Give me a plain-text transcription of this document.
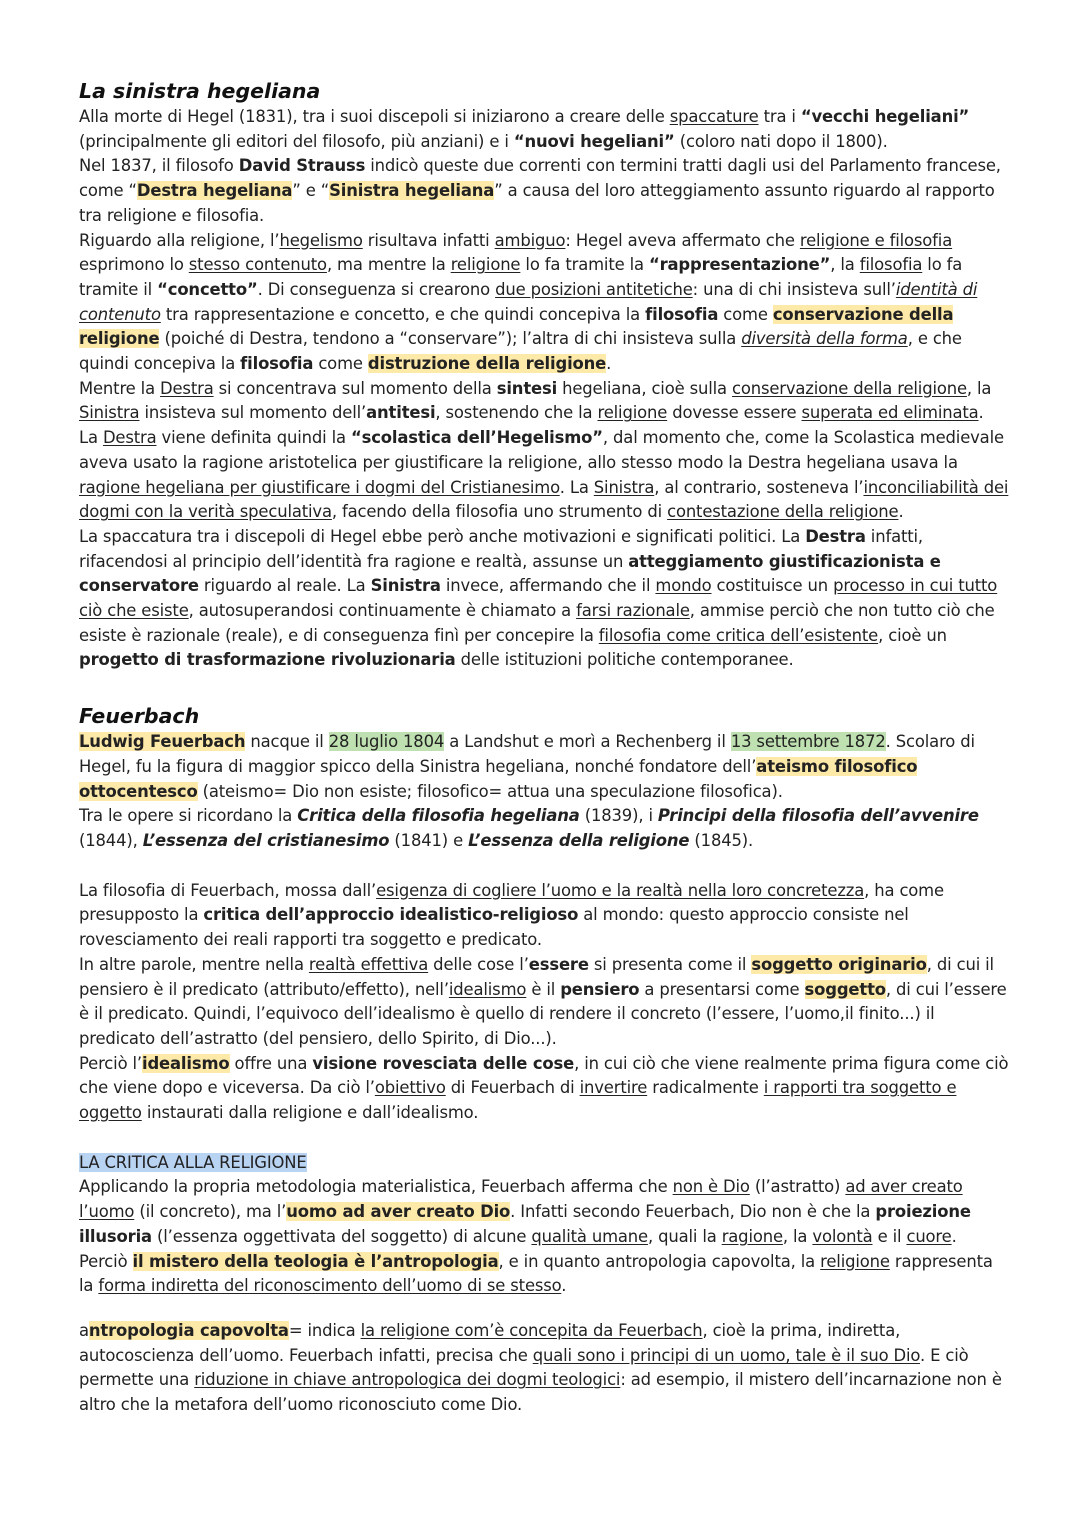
La sinistra hegeliana

Alla morte di Hegel (1831), tra i suoi discepoli si iniziarono a creare delle spaccature tra i “vecchi hegeliani” (principalmente gli editori del filosofo, più anziani) e i “nuovi hegeliani” (coloro nati dopo il 1800).

Nel 1837, il filosofo David Strauss indicò queste due correnti con termini tratti dagli usi del Parlamento francese, come “Destra hegeliana” e “Sinistra hegeliana” a causa del loro atteggiamento assunto riguardo al rapporto tra religione e filosofia.

Riguardo alla religione, l’hegelismo risultava infatti ambiguo: Hegel aveva affermato che religione e filosofia esprimono lo stesso contenuto, ma mentre la religione lo fa tramite la “rappresentazione”, la filosofia lo fa tramite il “concetto”. Di conseguenza si crearono due posizioni antitetiche: una di chi insisteva sull’identità di contenuto tra rappresentazione e concetto, e che quindi concepiva la filosofia come conservazione della religione (poiché di Destra, tendono a “conservare”); l’altra di chi insisteva sulla diversità della forma, e che quindi concepiva la filosofia come distruzione della religione.

Mentre la Destra si concentrava sul momento della sintesi hegeliana, cioè sulla conservazione della religione, la Sinistra insisteva sul momento dell’antitesi, sostenendo che la religione dovesse essere superata ed eliminata.

La Destra viene definita quindi la “scolastica dell’Hegelismo”, dal momento che, come la Scolastica medievale aveva usato la ragione aristotelica per giustificare la religione, allo stesso modo la Destra hegeliana usava la ragione hegeliana per giustificare i dogmi del Cristianesimo. La Sinistra, al contrario, sosteneva l’inconciliabilità dei dogmi con la verità speculativa, facendo della filosofia uno strumento di contestazione della religione.

La spaccatura tra i discepoli di Hegel ebbe però anche motivazioni e significati politici. La Destra infatti, rifacendosi al principio dell’identità fra ragione e realtà, assunse un atteggiamento giustificazionista e conservatore riguardo al reale. La Sinistra invece, affermando che il mondo costituisce un processo in cui tutto ciò che esiste, autosuperandosi continuamente è chiamato a farsi razionale, ammise perciò che non tutto ciò che esiste è razionale (reale), e di conseguenza finì per concepire la filosofia come critica dell’esistente, cioè un progetto di trasformazione rivoluzionaria delle istituzioni politiche contemporanee.

Feuerbach

Ludwig Feuerbach nacque il 28 luglio 1804 a Landshut e morì a Rechenberg il 13 settembre 1872. Scolaro di Hegel, fu la figura di maggior spicco della Sinistra hegeliana, nonché fondatore dell’ateismo filosofico ottocentesco (ateismo= Dio non esiste; filosofico= attua una speculazione filosofica).

Tra le opere si ricordano la Critica della filosofia hegeliana (1839), i Principi della filosofia dell’avvenire (1844), L’essenza del cristianesimo (1841) e L’essenza della religione (1845).

La filosofia di Feuerbach, mossa dall’esigenza di cogliere l’uomo e la realtà nella loro concretezza, ha come presupposto la critica dell’approccio idealistico-religioso al mondo: questo approccio consiste nel rovesciamento dei reali rapporti tra soggetto e predicato.

In altre parole, mentre nella realtà effettiva delle cose l’essere si presenta come il soggetto originario, di cui il pensiero è il predicato (attributo/effetto), nell’idealismo è il pensiero a presentarsi come soggetto, di cui l’essere è il predicato. Quindi, l’equivoco dell’idealismo è quello di rendere il concreto (l’essere, l’uomo,il finito...) il predicato dell’astratto (del pensiero, dello Spirito, di Dio...).

Perciò l’idealismo offre una visione rovesciata delle cose, in cui ciò che viene realmente prima figura come ciò che viene dopo e viceversa. Da ciò l’obiettivo di Feuerbach di invertire radicalmente i rapporti tra soggetto e oggetto instaurati dalla religione e dall’idealismo.

LA CRITICA ALLA RELIGIONE

Applicando la propria metodologia materialistica, Feuerbach afferma che non è Dio (l’astratto) ad aver creato l’uomo (il concreto), ma l’uomo ad aver creato Dio. Infatti secondo Feuerbach, Dio non è che la proiezione illusoria (l’essenza oggettivata del soggetto) di alcune qualità umane, quali la ragione, la volontà e il cuore.

Perciò il mistero della teologia è l’antropologia, e in quanto antropologia capovolta, la religione rappresenta la forma indiretta del riconoscimento dell’uomo di se stesso.

antropologia capovolta= indica la religione com’è concepita da Feuerbach, cioè la prima, indiretta, autocoscienza dell’uomo. Feuerbach infatti, precisa che quali sono i principi di un uomo, tale è il suo Dio. E ciò permette una riduzione in chiave antropologica dei dogmi teologici: ad esempio, il mistero dell’incarnazione non è altro che la metafora dell’uomo riconosciuto come Dio.
